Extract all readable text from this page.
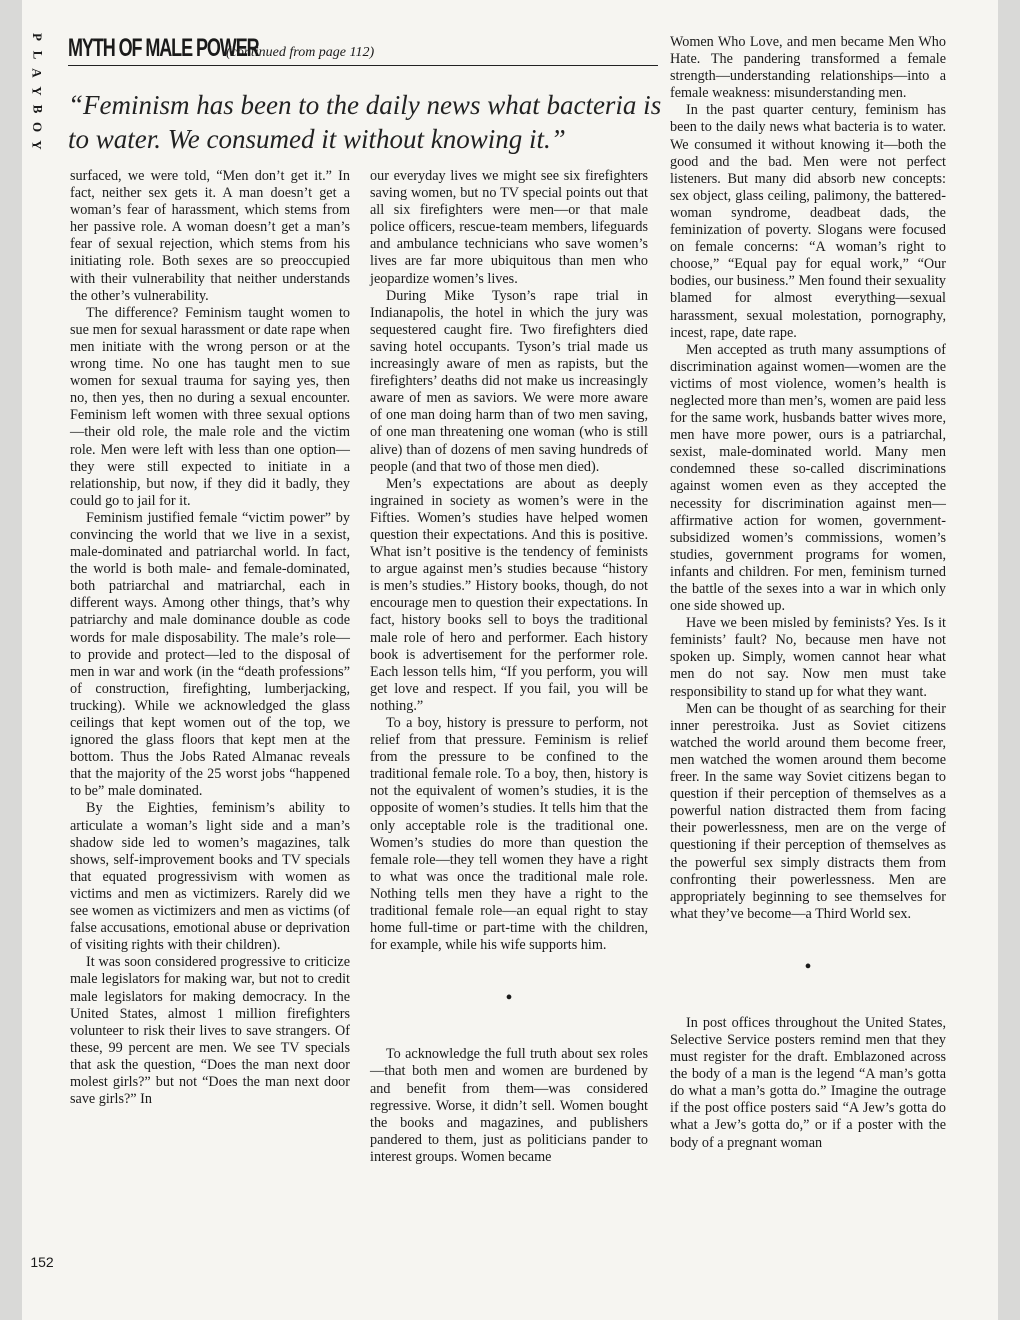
P
L
A
Y
B
O
Y
MYTH OF MALE POWER
(continued from page 112)
“Feminism has been to the daily news what bacteria is to water. We consumed it without knowing it.”

surfaced, we were told, “Men don’t get it.” In fact, neither sex gets it. A man doesn’t get a woman’s fear of harassment, which stems from her passive role. A woman doesn’t get a man’s fear of sexual rejection, which stems from his initiating role. Both sexes are so preoccupied with their vulnerability that neither understands the other’s vulnerability.

The difference? Feminism taught women to sue men for sexual harassment or date rape when men initiate with the wrong person or at the wrong time. No one has taught men to sue women for sexual trauma for saying yes, then no, then yes, then no during a sexual encounter. Feminism left women with three sexual options—their old role, the male role and the victim role. Men were left with less than one option—they were still expected to initiate in a relationship, but now, if they did it badly, they could go to jail for it.

Feminism justified female “victim power” by convincing the world that we live in a sexist, male-dominated and patriarchal world. In fact, the world is both male- and female-dominated, both patriarchal and matriarchal, each in different ways. Among other things, that’s why patriarchy and male dominance double as code words for male disposability. The male’s role—to provide and protect—led to the disposal of men in war and work (in the “death professions” of construction, firefighting, lumberjacking, trucking). While we acknowledged the glass ceilings that kept women out of the top, we ignored the glass floors that kept men at the bottom. Thus the Jobs Rated Almanac reveals that the majority of the 25 worst jobs “happened to be” male dominated.

By the Eighties, feminism’s ability to articulate a woman’s light side and a man’s shadow side led to women’s magazines, talk shows, self-improvement books and TV specials that equated progressivism with women as victims and men as victimizers. Rarely did we see women as victimizers and men as victims (of false accusations, emotional abuse or deprivation of visiting rights with their children).

It was soon considered progressive to criticize male legislators for making war, but not to credit male legislators for making democracy. In the United States, almost 1 million firefighters volunteer to risk their lives to save strangers. Of these, 99 percent are men. We see TV specials that ask the question, “Does the man next door molest girls?” but not “Does the man next door save girls?” In

our everyday lives we might see six firefighters saving women, but no TV special points out that all six firefighters were men—or that male police officers, rescue-team members, lifeguards and ambulance technicians who save women’s lives are far more ubiquitous than men who jeopardize women’s lives.

During Mike Tyson’s rape trial in Indianapolis, the hotel in which the jury was sequestered caught fire. Two firefighters died saving hotel occupants. Tyson’s trial made us increasingly aware of men as rapists, but the firefighters’ deaths did not make us increasingly aware of men as saviors. We were more aware of one man doing harm than of two men saving, of one man threatening one woman (who is still alive) than of dozens of men saving hundreds of people (and that two of those men died).

Men’s expectations are about as deeply ingrained in society as women’s were in the Fifties. Women’s studies have helped women question their expectations. And this is positive. What isn’t positive is the tendency of feminists to argue against men’s studies because “history is men’s studies.” History books, though, do not encourage men to question their expectations. In fact, history books sell to boys the traditional male role of hero and performer. Each history book is advertisement for the performer role. Each lesson tells him, “If you perform, you will get love and respect. If you fail, you will be nothing.”

To a boy, history is pressure to perform, not relief from that pressure. Feminism is relief from the pressure to be confined to the traditional female role. To a boy, then, history is not the equivalent of women’s studies, it is the opposite of women’s studies. It tells him that the only acceptable role is the traditional one. Women’s studies do more than question the female role—they tell women they have a right to what was once the traditional male role. Nothing tells men they have a right to the traditional female role—an equal right to stay home full-time or part-time with the children, for example, while his wife supports him.

•

To acknowledge the full truth about sex roles—that both men and women are burdened by and benefit from them—was considered regressive. Worse, it didn’t sell. Women bought the books and magazines, and publishers pandered to them, just as politicians pander to interest groups. Women became

Women Who Love, and men became Men Who Hate. The pandering transformed a female strength—understanding relationships—into a female weakness: misunderstanding men.

In the past quarter century, feminism has been to the daily news what bacteria is to water. We consumed it without knowing it—both the good and the bad. Men were not perfect listeners. But many did absorb new concepts: sex object, glass ceiling, palimony, the battered-woman syndrome, deadbeat dads, the feminization of poverty. Slogans were focused on female concerns: “A woman’s right to choose,” “Equal pay for equal work,” “Our bodies, our business.” Men found their sexuality blamed for almost everything—sexual harassment, sexual molestation, pornography, incest, rape, date rape.

Men accepted as truth many assumptions of discrimination against women—women are the victims of most violence, women’s health is neglected more than men’s, women are paid less for the same work, husbands batter wives more, men have more power, ours is a patriarchal, sexist, male-dominated world. Many men condemned these so-called discriminations against women even as they accepted the necessity for discrimination against men—affirmative action for women, government-subsidized women’s commissions, women’s studies, government programs for women, infants and children. For men, feminism turned the battle of the sexes into a war in which only one side showed up.

Have we been misled by feminists? Yes. Is it feminists’ fault? No, because men have not spoken up. Simply, women cannot hear what men do not say. Now men must take responsibility to stand up for what they want.

Men can be thought of as searching for their inner perestroika. Just as Soviet citizens watched the world around them become freer, men watched the women around them become freer. In the same way Soviet citizens began to question if their perception of themselves as a powerful nation distracted them from facing their powerlessness, men are on the verge of questioning if their perception of themselves as the powerful sex simply distracts them from confronting their powerlessness. Men are appropriately beginning to see themselves for what they’ve become—a Third World sex.

•

In post offices throughout the United States, Selective Service posters remind men that they must register for the draft. Emblazoned across the body of a man is the legend “A man’s gotta do what a man’s gotta do.” Imagine the outrage if the post office posters said “A Jew’s gotta do what a Jew’s gotta do,” or if a poster with the body of a pregnant woman

152
